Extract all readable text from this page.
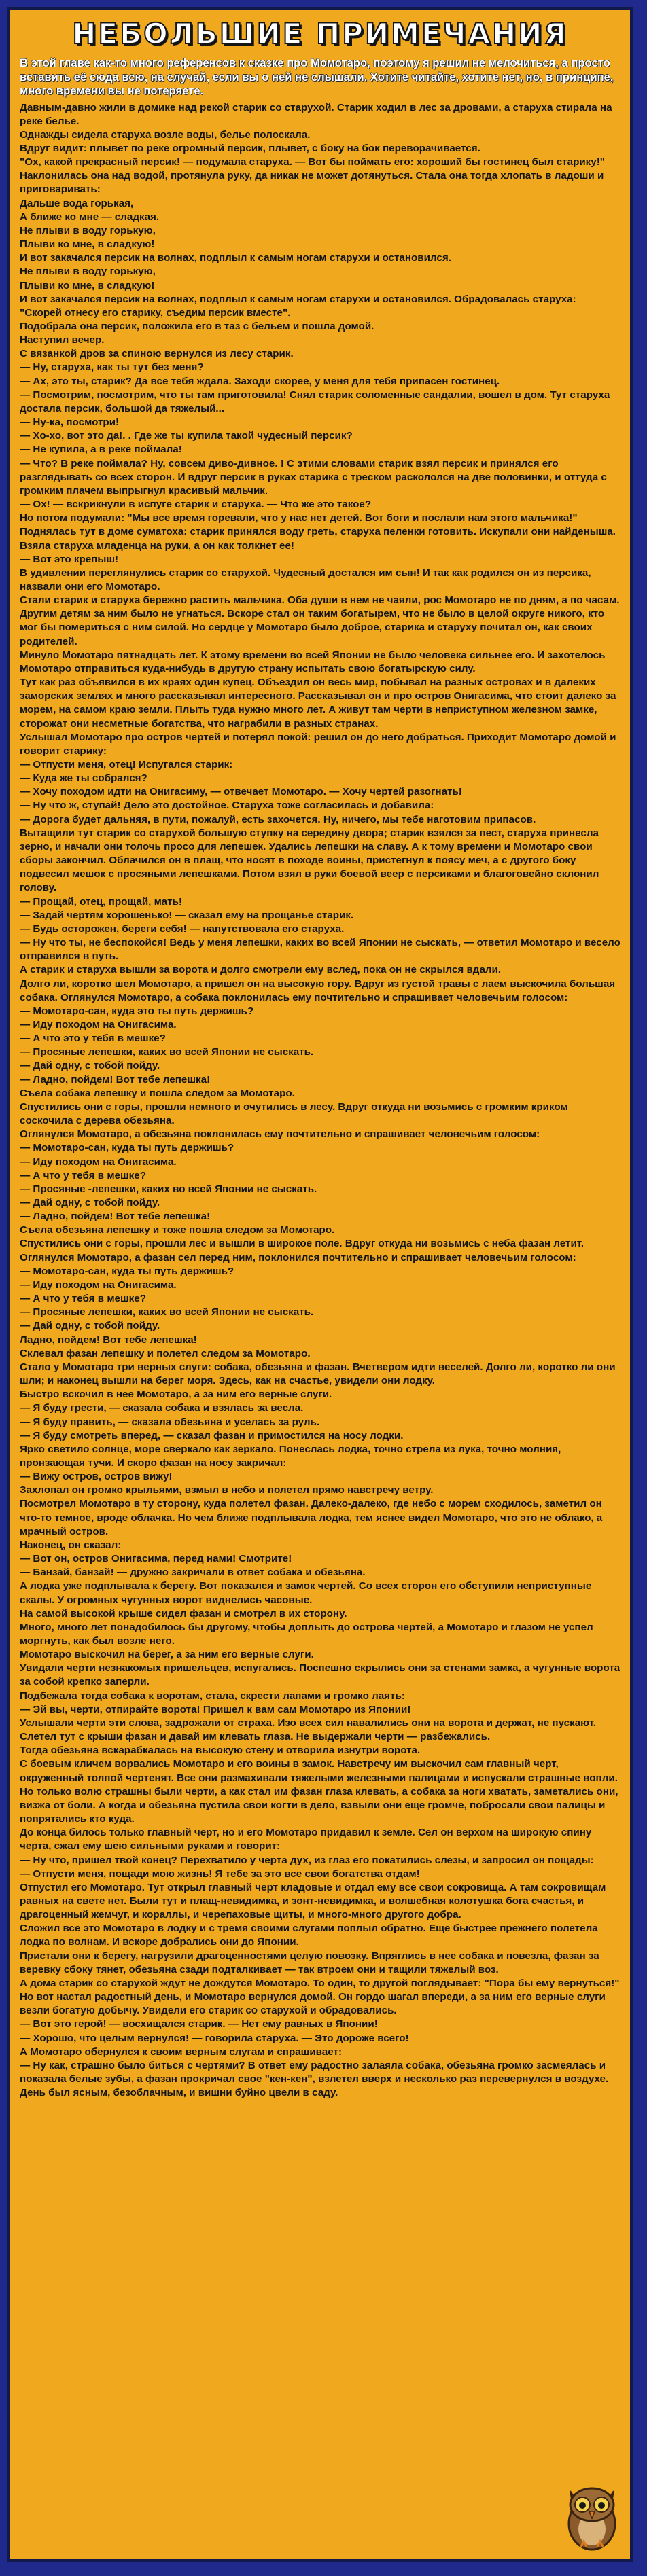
НЕБОЛЬШИЕ ПРИМЕЧАНИЯ
В этой главе как-то много референсов к сказке про Момотаро, поэтому я решил не мелочиться, а просто вставить её сюда всю, на случай, если вы о ней не слышали. Хотите читайте, хотите нет, но, в принципе, много времени вы не потеряете.
Давным-давно жили в домике над рекой старик со старухой. Старик ходил в лес за дровами, а старуха стирала на реке белье.
Однажды сидела старуха возле воды, белье полоскала.
Вдруг видит: плывет по реке огромный персик, плывет, с боку на бок переворачивается.
"Ох, какой прекрасный персик! — подумала старуха. — Вот бы поймать его: хороший бы гостинец был старику!"
Наклонилась она над водой, протянула руку, да никак не может дотянуться. Стала она тогда хлопать в ладоши и приговаривать:
Дальше вода горькая,
А ближе ко мне — сладкая.
Не плыви в воду горькую,
Плыви ко мне, в сладкую!
И вот закачался персик на волнах, подплыл к самым ногам старухи и остановился.
Не плыви в воду горькую,
Плыви ко мне, в сладкую!
И вот закачался персик на волнах, подплыл к самым ногам старухи и остановился. Обрадовалась старуха:
"Скорей отнесу его старику, съедим персик вместе".
Подобрала она персик, положила его в таз с бельем и пошла домой.
Наступил вечер.
С вязанкой дров за спиною вернулся из лесу старик.
— Ну, старуха, как ты тут без меня?
— Ах, это ты, старик? Да все тебя ждала. Заходи скорее, у меня для тебя припасен гостинец.
— Посмотрим, посмотрим, что ты там приготовила! Снял старик соломенные сандалии, вошел в дом. Тут старуха достала персик, большой да тяжелый...
— Ну-ка, посмотри!
— Хо-хо, вот это да!. . Где же ты купила такой чудесный персик?
— Не купила, а в реке поймала!
— Что? В реке поймала? Ну, совсем диво-дивное. ! С этими словами старик взял персик и принялся его разглядывать со всех сторон. И вдруг персик в руках старика с треском раскололся на две половинки, и оттуда с громким плачем выпрыгнул красивый мальчик.
— Ох! — вскрикнули в испуге старик и старуха. — Что же это такое?
Но потом подумали: "Мы все время горевали, что у нас нет детей. Вот боги и послали нам этого мальчика!"
Поднялась тут в доме суматоха: старик принялся воду греть, старуха пеленки готовить. Искупали они найденыша. Взяла старуха младенца на руки, а он как толкнет ее!
— Вот это крепыш!
В удивлении переглянулись старик со старухой. Чудесный достался им сын! И так как родился он из персика, назвали они его Момотаро.
Стали старик и старуха бережно растить мальчика. Оба души в нем не чаяли, рос Момотаро не по дням, а по часам. Другим детям за ним было не угнаться. Вскоре стал он таким богатырем, что не было в целой округе никого, кто мог бы помериться с ним силой. Но сердце у Момотаро было доброе, старика и старуху почитал он, как своих родителей.
Минуло Момотаро пятнадцать лет. К этому времени во всей Японии не было человека сильнее его. И захотелось Момотаро отправиться куда-нибудь в другую страну испытать свою богатырскую силу.
Тут как раз объявился в их краях один купец. Объездил он весь мир, побывал на разных островах и в далеких заморских землях и много рассказывал интересного. Рассказывал он и про остров Онигасима, что стоит далеко за морем, на самом краю земли. Плыть туда нужно много лет. А живут там черти в неприступном железном замке, сторожат они несметные богатства, что награбили в разных странах.
Услышал Момотаро про остров чертей и потерял покой: решил он до него добраться. Приходит Момотаро домой и говорит старику:
— Отпусти меня, отец! Испугался старик:
— Куда же ты собрался?
— Хочу походом идти на Онигасиму, — отвечает Момотаро. — Хочу чертей разогнать!
— Ну что ж, ступай! Дело это достойное. Старуха тоже согласилась и добавила:
— Дорога будет дальняя, в пути, пожалуй, есть захочется. Ну, ничего, мы тебе наготовим припасов.
Вытащили тут старик со старухой большую ступку на середину двора; старик взялся за пест, старуха принесла зерно, и начали они толочь просо для лепешек. Удались лепешки на славу. А к тому времени и Момотаро свои сборы закончил. Облачился он в плащ, что носят в походе воины, пристегнул к поясу меч, а с другого боку подвесил мешок с просяными лепешками. Потом взял в руки боевой веер с персиками и благоговейно склонил голову.
— Прощай, отец, прощай, мать!
— Задай чертям хорошенько! — сказал ему на прощанье старик.
— Будь осторожен, береги себя! — напутствовала его старуха.
— Ну что ты, не беспокойся! Ведь у меня лепешки, каких во всей Японии не сыскать, — ответил Момотаро и весело отправился в путь.
А старик и старуха вышли за ворота и долго смотрели ему вслед, пока он не скрылся вдали.
Долго ли, коротко шел Момотаро, а пришел он на высокую гору. Вдруг из густой травы с лаем выскочила большая собака. Оглянулся Момотаро, а собака поклонилась ему почтительно и спрашивает человечьим голосом:
— Момотаро-сан, куда это ты путь держишь?
— Иду походом на Онигасима.
— А что это у тебя в мешке?
— Просяные лепешки, каких во всей Японии не сыскать.
— Дай одну, с тобой пойду.
— Ладно, пойдем! Вот тебе лепешка!
Съела собака лепешку и пошла следом за Момотаро.
Спустились они с горы, прошли немного и очутились в лесу. Вдруг откуда ни возьмись с громким криком соскочила с дерева обезьяна.
Оглянулся Момотаро, а обезьяна поклонилась ему почтительно и спрашивает человечьим голосом:
— Момотаро-сан, куда ты путь держишь?
— Иду походом на Онигасима.
— А что у тебя в мешке?
— Просяные -лепешки, каких во всей Японии не сыскать.
— Дай одну, с тобой пойду.
— Ладно, пойдем! Вот тебе лепешка!
Съела обезьяна лепешку и тоже пошла следом за Момотаро.
Спустились они с горы, прошли лес и вышли в широкое поле. Вдруг откуда ни возьмись с неба фазан летит.
Оглянулся Момотаро, а фазан сел перед ним, поклонился почтительно и спрашивает человечьим голосом:
— Момотаро-сан, куда ты путь держишь?
— Иду походом на Онигасима.
— А что у тебя в мешке?
— Просяные лепешки, каких во всей Японии не сыскать.
— Дай одну, с тобой пойду.
Ладно, пойдем! Вот тебе лепешка!
Склевал фазан лепешку и полетел следом за Момотаро.
Стало у Момотаро три верных слуги: собака, обезьяна и фазан. Вчетвером идти веселей. Долго ли, коротко ли они шли; и наконец вышли на берег моря. Здесь, как на счастье, увидели они лодку.
Быстро вскочил в нее Момотаро, а за ним его верные слуги.
— Я буду грести, — сказала собака и взялась за весла.
— Я буду править, — сказала обезьяна и уселась за руль.
— Я буду смотреть вперед, — сказал фазан и примостился на носу лодки.
Ярко светило солнце, море сверкало как зеркало. Понеслась лодка, точно стрела из лука, точно молния, пронзающая тучи. И скоро фазан на носу закричал:
— Вижу остров, остров вижу!
Захлопал он громко крыльями, взмыл в небо и полетел прямо навстречу ветру.
Посмотрел Момотаро в ту сторону, куда полетел фазан. Далеко-далеко, где небо с морем сходилось, заметил он что-то темное, вроде облачка. Но чем ближе подплывала лодка, тем яснее видел Момотаро, что это не облако, а мрачный остров.
Наконец, он сказал:
— Вот он, остров Онигасима, перед нами! Смотрите!
— Банзай, банзай! — дружно закричали в ответ собака и обезьяна.
А лодка уже подплывала к берегу. Вот показался и замок чертей. Со всех сторон его обступили неприступные скалы. У огромных чугунных ворот виднелись часовые.
На самой высокой крыше сидел фазан и смотрел в их сторону.
Много, много лет понадобилось бы другому, чтобы доплыть до острова чертей, а Момотаро и глазом не успел моргнуть, как был возле него.
Момотаро выскочил на берег, а за ним его верные слуги.
Увидали черти незнакомых пришельцев, испугались. Поспешно скрылись они за стенами замка, а чугунные ворота за собой крепко заперли.
Подбежала тогда собака к воротам, стала, скрести лапами и громко лаять:
— Эй вы, черти, отпирайте ворота! Пришел к вам сам Момотаро из Японии!
Услышали черти эти слова, задрожали от страха. Изо всех сил навалились они на ворота и держат, не пускают.
Слетел тут с крыши фазан и давай им клевать глаза. Не выдержали черти — разбежались.
Тогда обезьяна вскарабкалась на высокую стену и отворила изнутри ворота.
С боевым кличем ворвались Момотаро и его воины в замок. Навстречу им выскочил сам главный черт, окруженный толпой чертенят. Все они размахивали тяжелыми железными палицами и испускали страшные вопли.
Но только волю страшны были черти, а как стал им фазан глаза клевать, а собака за ноги хватать, заметались они, визжа от боли. А когда и обезьяна пустила свои когти в дело, взвыли они еще громче, побросали свои палицы и попрятались кто куда.
До конца билось только главный черт, но и его Момотаро придавил к земле. Сел он верхом на широкую спину черта, сжал ему шею сильными руками и говорит:
— Ну что, пришел твой конец? Перехватило у черта дух, из глаз его покатились слезы, и запросил он пощады:
— Отпусти меня, пощади мою жизнь! Я тебе за это все свои богатства отдам!
Отпустил его Момотаро. Тут открыл главный черт кладовые и отдал ему все свои сокровища. А там сокровищам равных на свете нет. Были тут и плащ-невидимка, и зонт-невидимка, и волшебная колотушка бога счастья, и драгоценный жемчуг, и кораллы, и черепаховые щиты, и много-много другого добра.
Сложил все это Момотаро в лодку и с тремя своими слугами поплыл обратно. Еще быстрее прежнего полетела лодка по волнам. И вскоре добрались они до Японии.
Пристали они к берегу, нагрузили драгоценностями целую повозку. Впряглись в нее собака и повезла, фазан за веревку сбоку тянет, обезьяна сзади подталкивает — так втроем они и тащили тяжелый воз.
А дома старик со старухой ждут не дождутся Момотаро. То один, то другой поглядывает: "Пора бы ему вернуться!"
Но вот настал радостный день, и Момотаро вернулся домой. Он гордо шагал впереди, а за ним его верные слуги везли богатую добычу. Увидели его старик со старухой и обрадовались.
— Вот это герой! — восхищался старик. — Нет ему равных в Японии!
— Хорошо, что целым вернулся! — говорила старуха. — Это дороже всего!
А Момотаро обернулся к своим верным слугам и спрашивает:
— Ну как, страшно было биться с чертями? В ответ ему радостно залаяла собака, обезьяна громко засмеялась и показала белые зубы, а фазан прокричал свое "кен-кен", взлетел вверх и несколько раз перевернулся в воздухе.
День был ясным, безоблачным, и вишни буйно цвели в саду.
